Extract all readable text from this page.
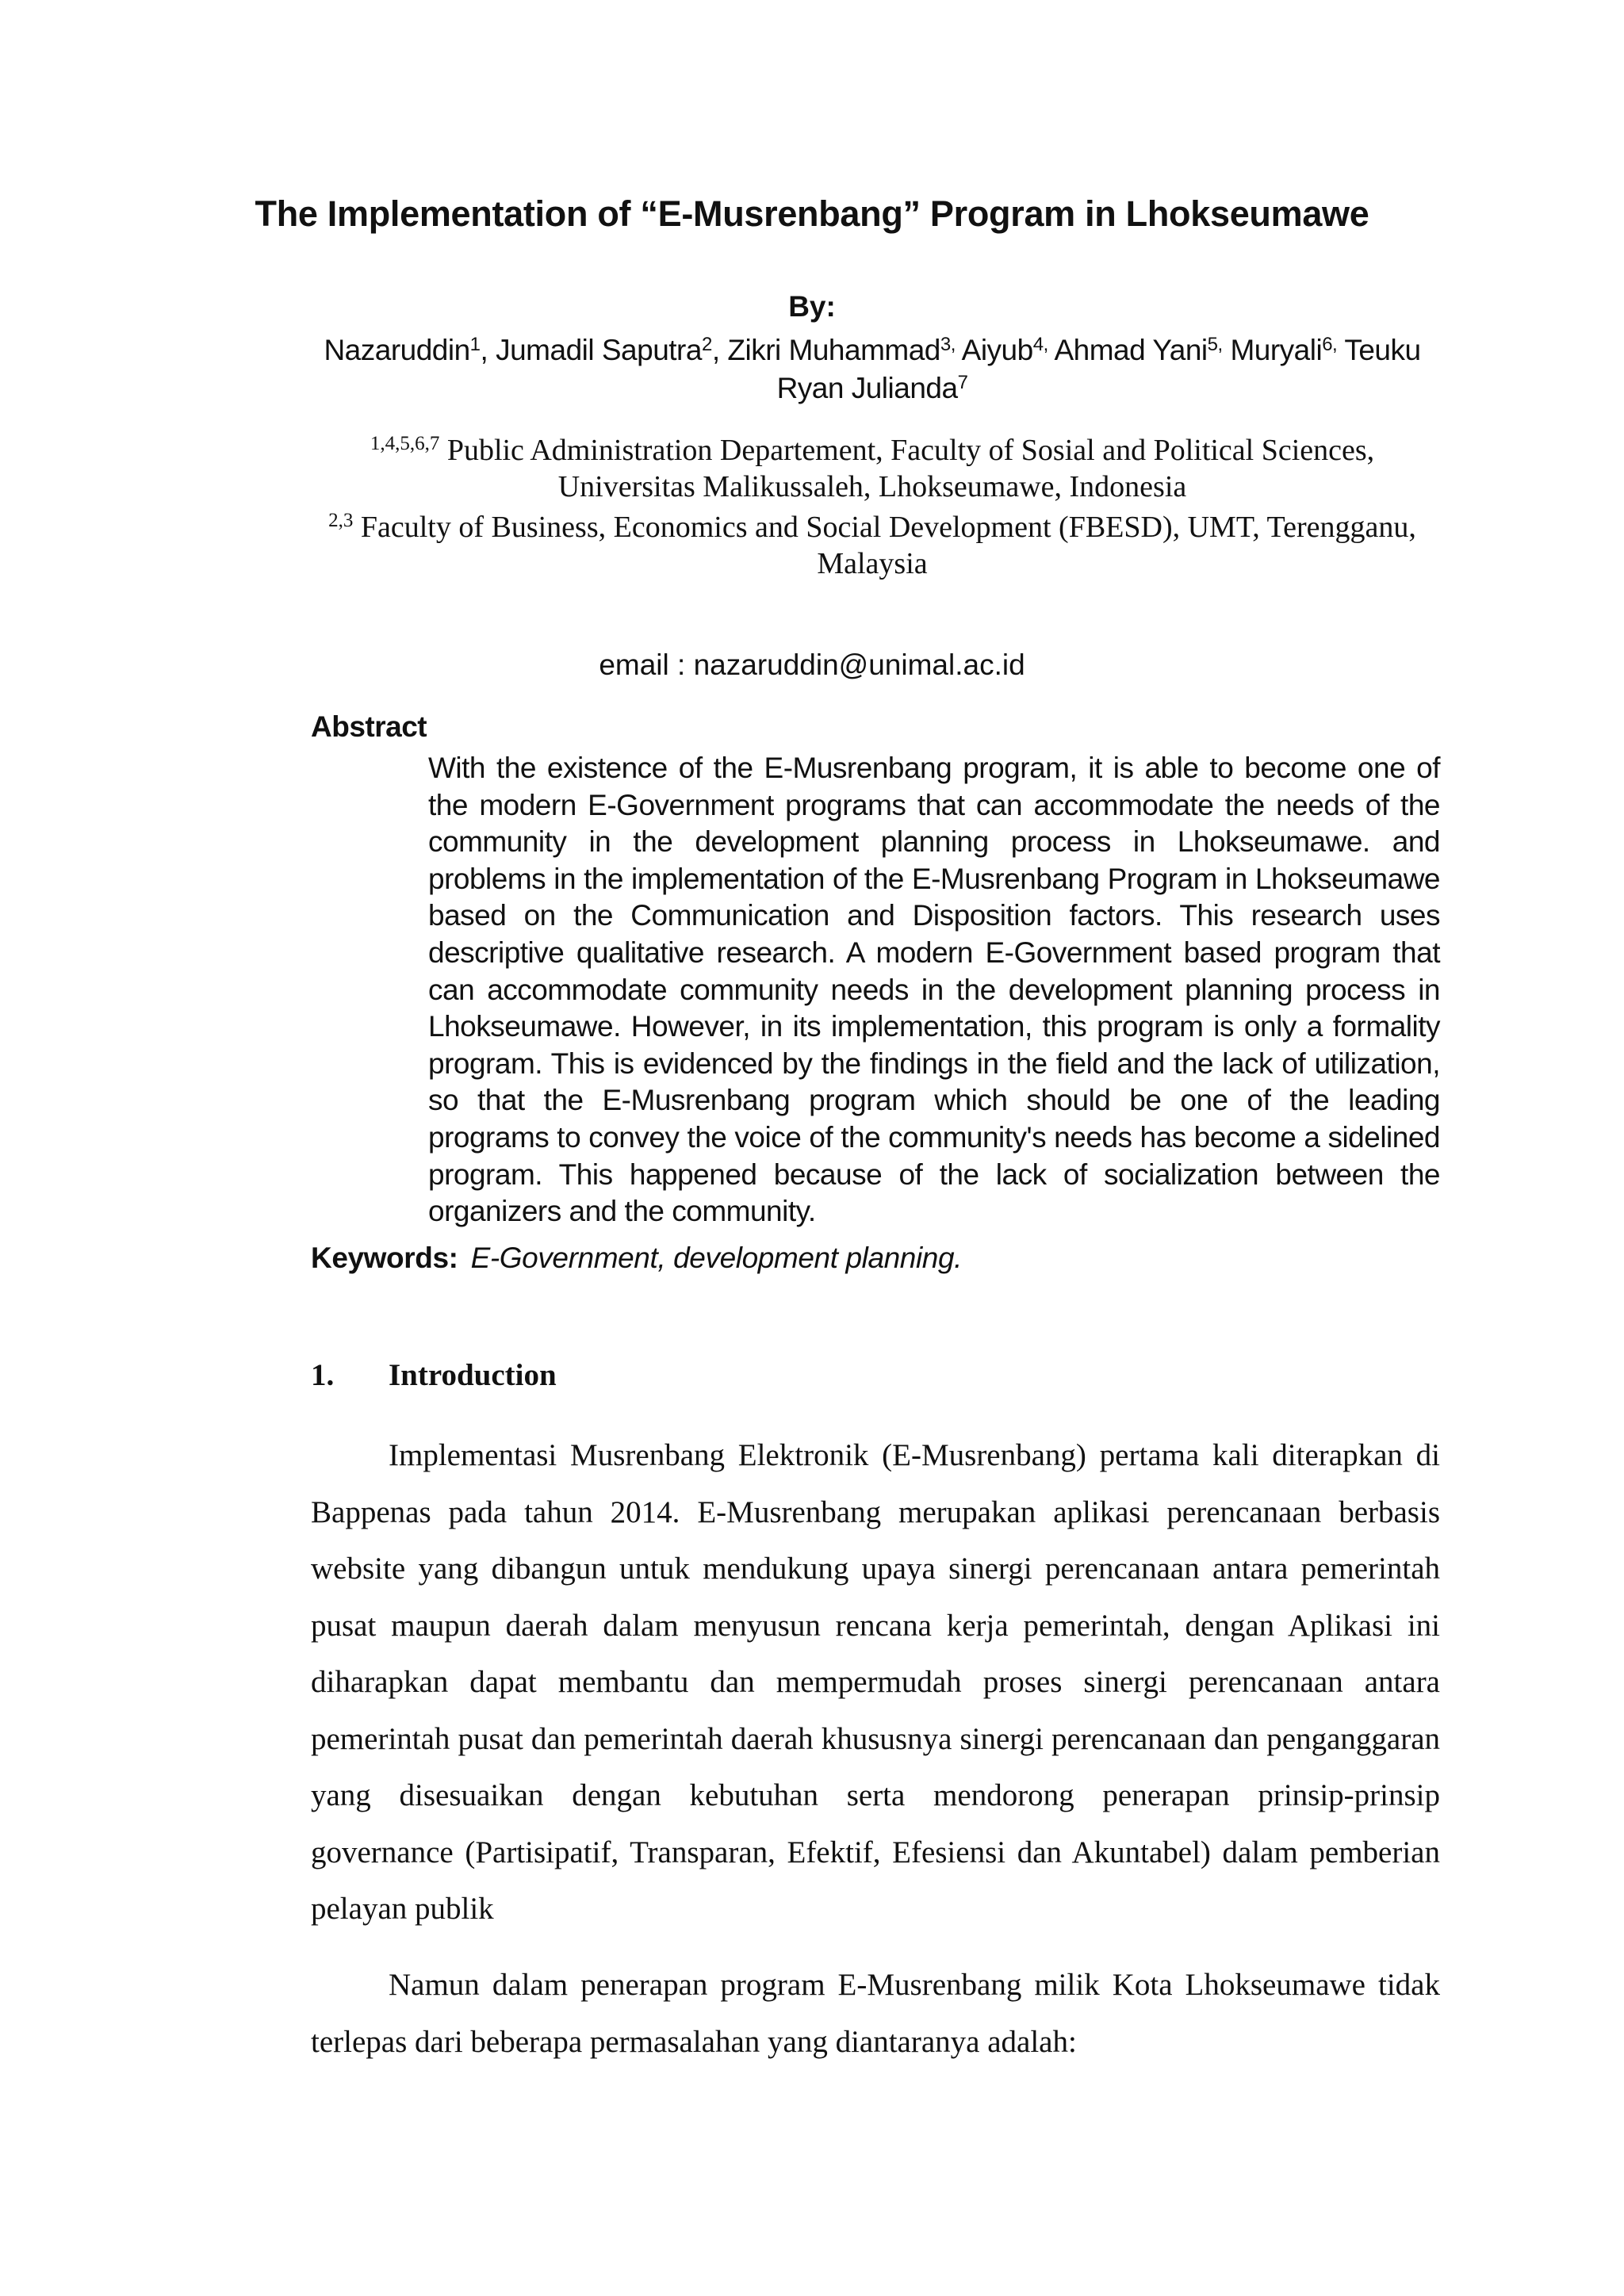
The Implementation of “E-Musrenbang” Program in Lhokseumawe
By:
Nazaruddin$^1$, Jumadil Saputra$^2$, Zikri Muhammad$^{3,}$ Aiyub$^{4,}$ Ahmad Yani$^{5,}$ Muryali$^{6,}$ Teuku Ryan Julianda$^7$
$^{1,4,5,6,7}$ Public Administration Departement, Faculty of Sosial and Political Sciences, Universitas Malikussaleh, Lhokseumawe, Indonesia
$^{2,3}$ Faculty of Business, Economics and Social Development (FBESD), UMT, Terengganu, Malaysia
email : nazaruddin@unimal.ac.id
Abstract
With the existence of the E-Musrenbang program, it is able to become one of the modern E-Government programs that can accommodate the needs of the community in the development planning process in Lhokseumawe. and problems in the implementation of the E-Musrenbang Program in Lhokseumawe based on the Communication and Disposition factors. This research uses descriptive qualitative research. A modern E-Government based program that can accommodate community needs in the development planning process in Lhokseumawe. However, in its implementation, this program is only a formality program. This is evidenced by the findings in the field and the lack of utilization, so that the E-Musrenbang program which should be one of the leading programs to convey the voice of the community's needs has become a sidelined program. This happened because of the lack of socialization between the organizers and the community.
Keywords: E-Government, development planning.
1. Introduction
Implementasi Musrenbang Elektronik (E-Musrenbang) pertama kali diterapkan di Bappenas pada tahun 2014. E-Musrenbang merupakan aplikasi perencanaan berbasis website yang dibangun untuk mendukung upaya sinergi perencanaan antara pemerintah pusat maupun daerah dalam menyusun rencana kerja pemerintah, dengan Aplikasi ini diharapkan dapat membantu dan mempermudah proses sinergi perencanaan antara pemerintah pusat dan pemerintah daerah khususnya sinergi perencanaan dan penganggaran yang disesuaikan dengan kebutuhan serta mendorong penerapan prinsip-prinsip governance (Partisipatif, Transparan, Efektif, Efesiensi dan Akuntabel) dalam pemberian pelayan publik
Namun dalam penerapan program E-Musrenbang milik Kota Lhokseumawe tidak terlepas dari beberapa permasalahan yang diantaranya adalah:
